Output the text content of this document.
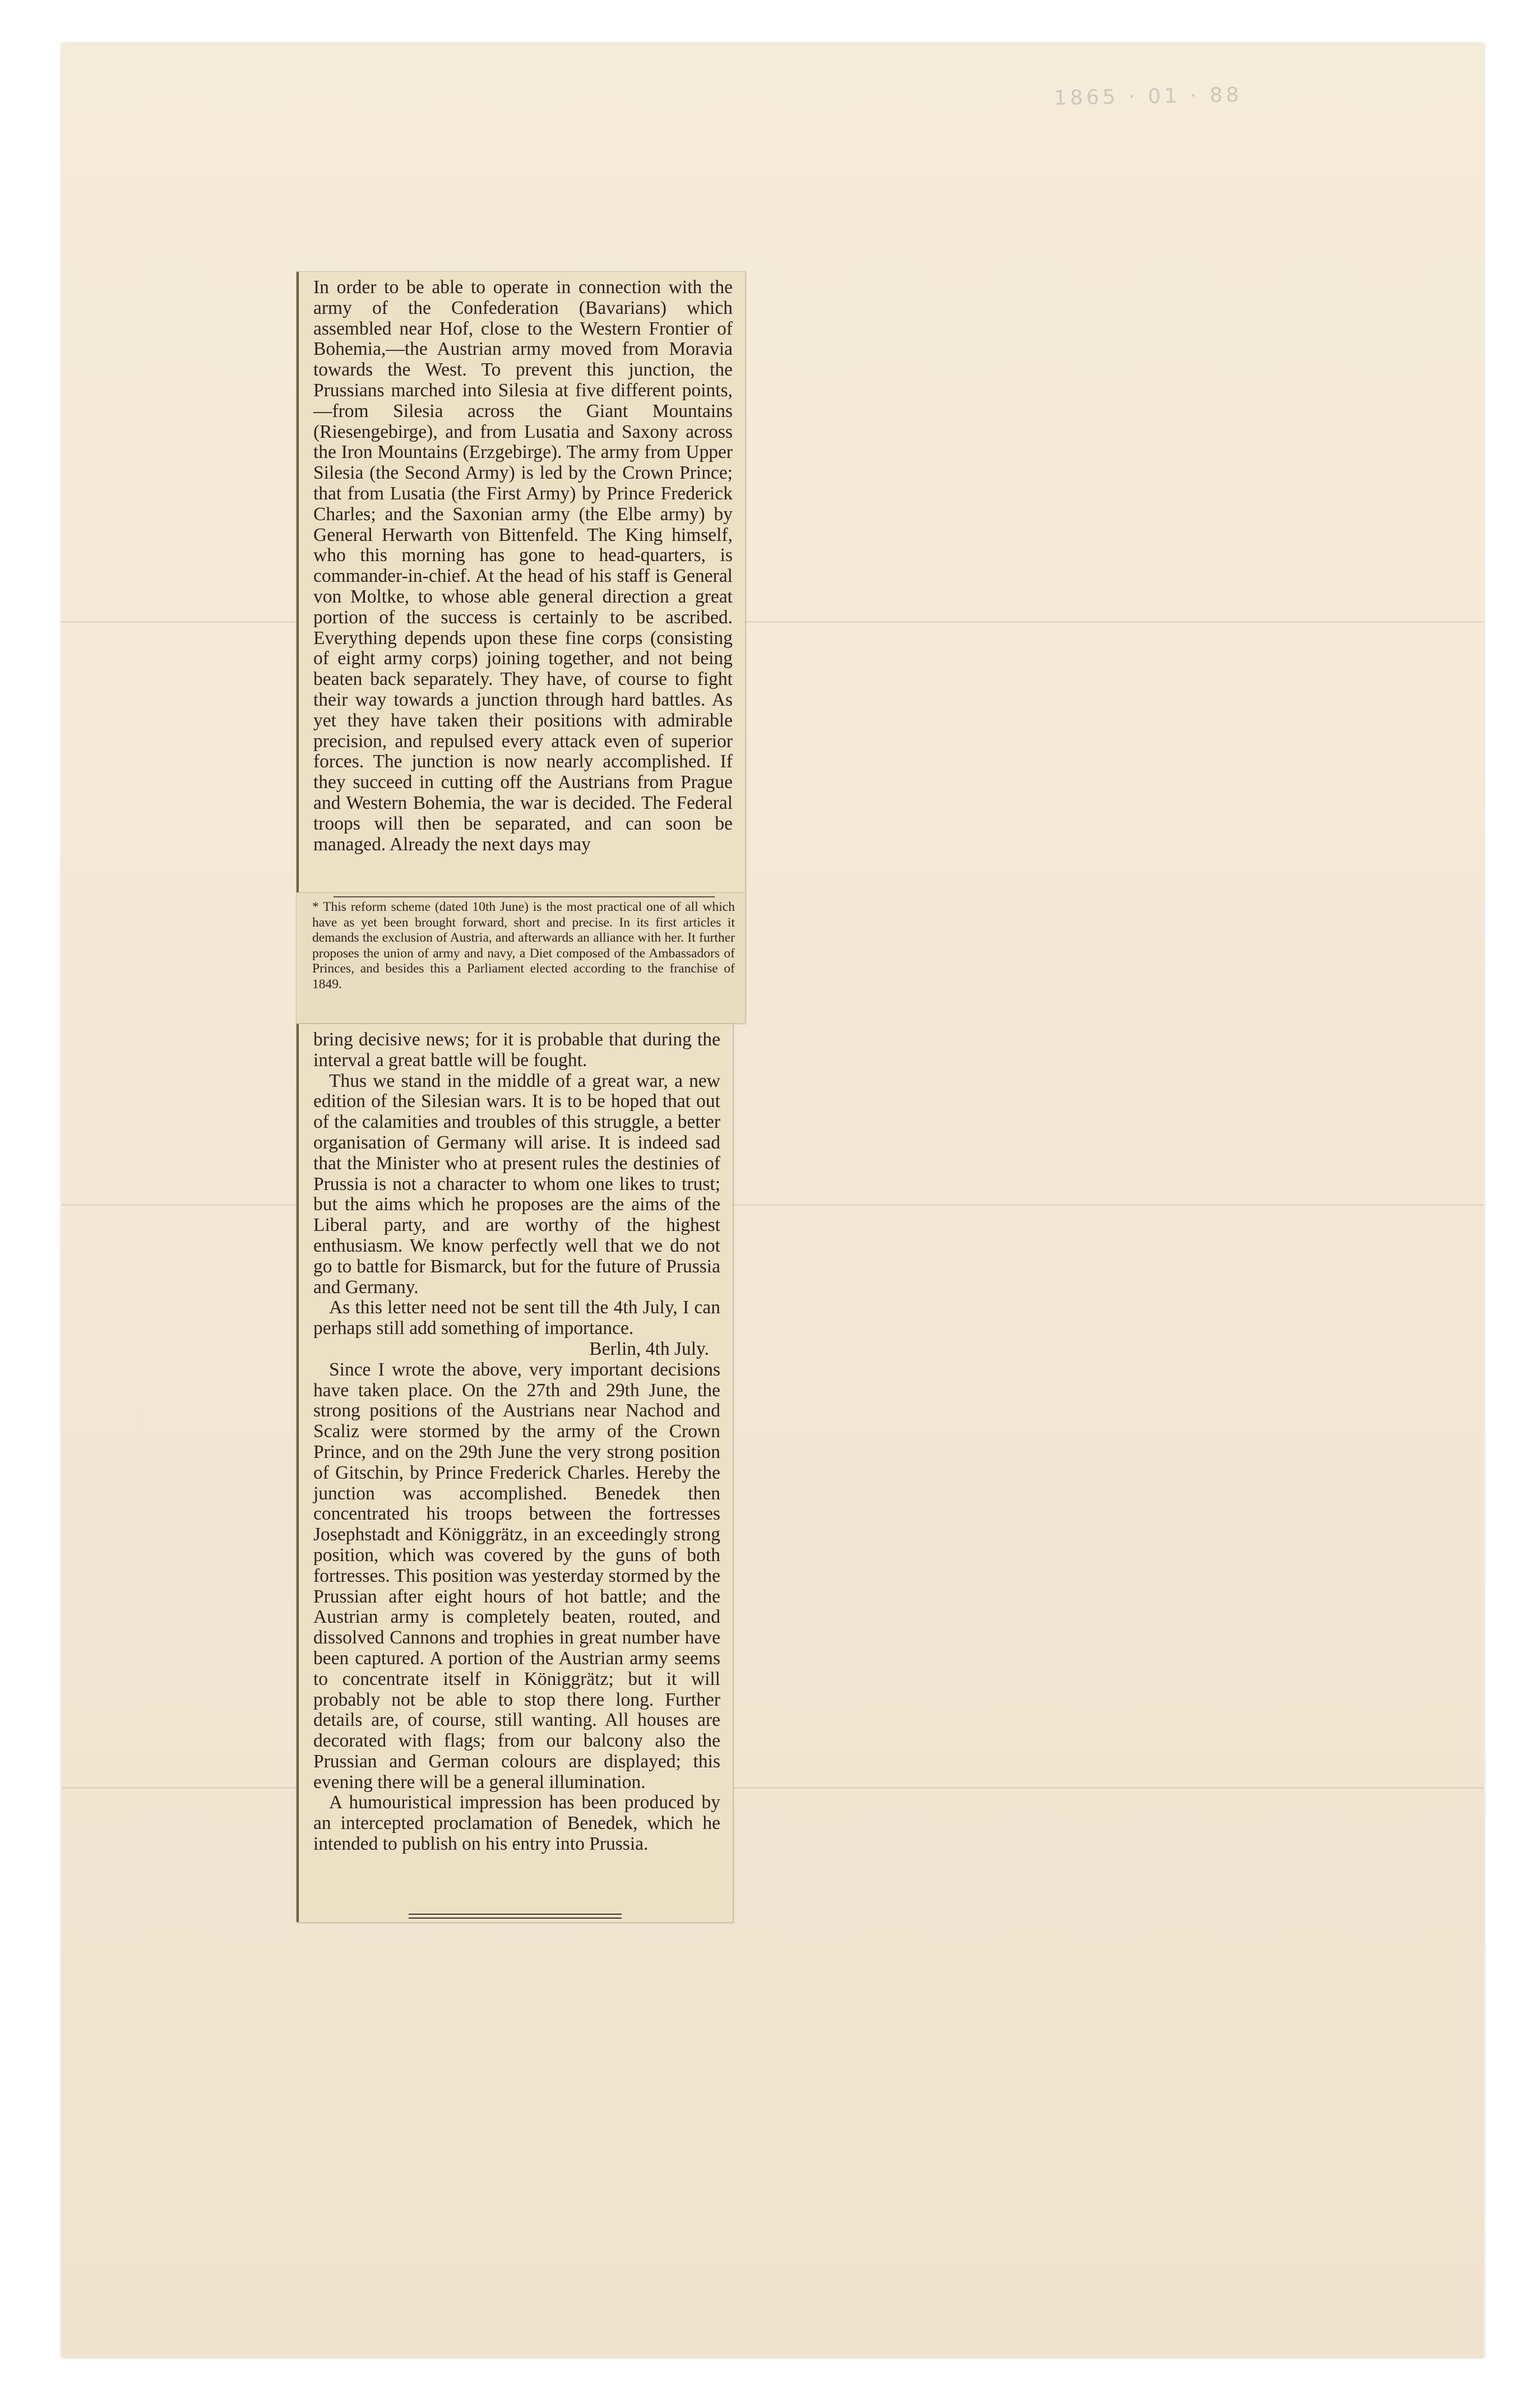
1865 · 01 · 88

In order to be able to operate in connection with the army of the Confederation (Bavarians) which assembled near Hof, close to the Western Frontier of Bohemia,—the Austrian army moved from Moravia towards the West. To prevent this junction, the Prussians marched into Silesia at five different points,—from Silesia across the Giant Mountains (Riesengebirge), and from Lusatia and Saxony across the Iron Mountains (Erzgebirge). The army from Upper Silesia (the Second Army) is led by the Crown Prince; that from Lusatia (the First Army) by Prince Frederick Charles; and the Saxonian army (the Elbe army) by General Herwarth von Bittenfeld. The King himself, who this morning has gone to head-quarters, is commander-in-chief. At the head of his staff is General von Moltke, to whose able general direction a great portion of the success is certainly to be ascribed. Everything depends upon these fine corps (consisting of eight army corps) joining together, and not being beaten back separately. They have, of course to fight their way towards a junction through hard battles. As yet they have taken their positions with admirable precision, and repulsed every attack even of superior forces. The junction is now nearly accomplished. If they succeed in cutting off the Austrians from Prague and Western Bohemia, the war is decided. The Federal troops will then be separated, and can soon be managed. Already the next days may

* This reform scheme (dated 10th June) is the most practical one of all which have as yet been brought forward, short and precise. In its first articles it demands the exclusion of Austria, and afterwards an alliance with her. It further proposes the union of army and navy, a Diet composed of the Ambassadors of Princes, and besides this a Parliament elected according to the franchise of 1849.

bring decisive news; for it is probable that during the interval a great battle will be fought.

Thus we stand in the middle of a great war, a new edition of the Silesian wars. It is to be hoped that out of the calamities and troubles of this struggle, a better organisation of Germany will arise. It is indeed sad that the Minister who at present rules the destinies of Prussia is not a character to whom one likes to trust; but the aims which he proposes are the aims of the Liberal party, and are worthy of the highest enthusiasm. We know perfectly well that we do not go to battle for Bismarck, but for the future of Prussia and Germany.

As this letter need not be sent till the 4th July, I can perhaps still add something of importance.

Berlin, 4th July.

Since I wrote the above, very important decisions have taken place. On the 27th and 29th June, the strong positions of the Austrians near Nachod and Scaliz were stormed by the army of the Crown Prince, and on the 29th June the very strong position of Gitschin, by Prince Frederick Charles. Hereby the junction was accomplished. Benedek then concentrated his troops between the fortresses Josephstadt and Königgrätz, in an exceedingly strong position, which was covered by the guns of both fortresses. This position was yesterday stormed by the Prussian after eight hours of hot battle; and the Austrian army is completely beaten, routed, and dissolved Cannons and trophies in great number have been captured. A portion of the Austrian army seems to concentrate itself in Königgrätz; but it will probably not be able to stop there long. Further details are, of course, still wanting. All houses are decorated with flags; from our balcony also the Prussian and German colours are displayed; this evening there will be a general illumination.

A humouristical impression has been produced by an intercepted proclamation of Benedek, which he intended to publish on his entry into Prussia.
